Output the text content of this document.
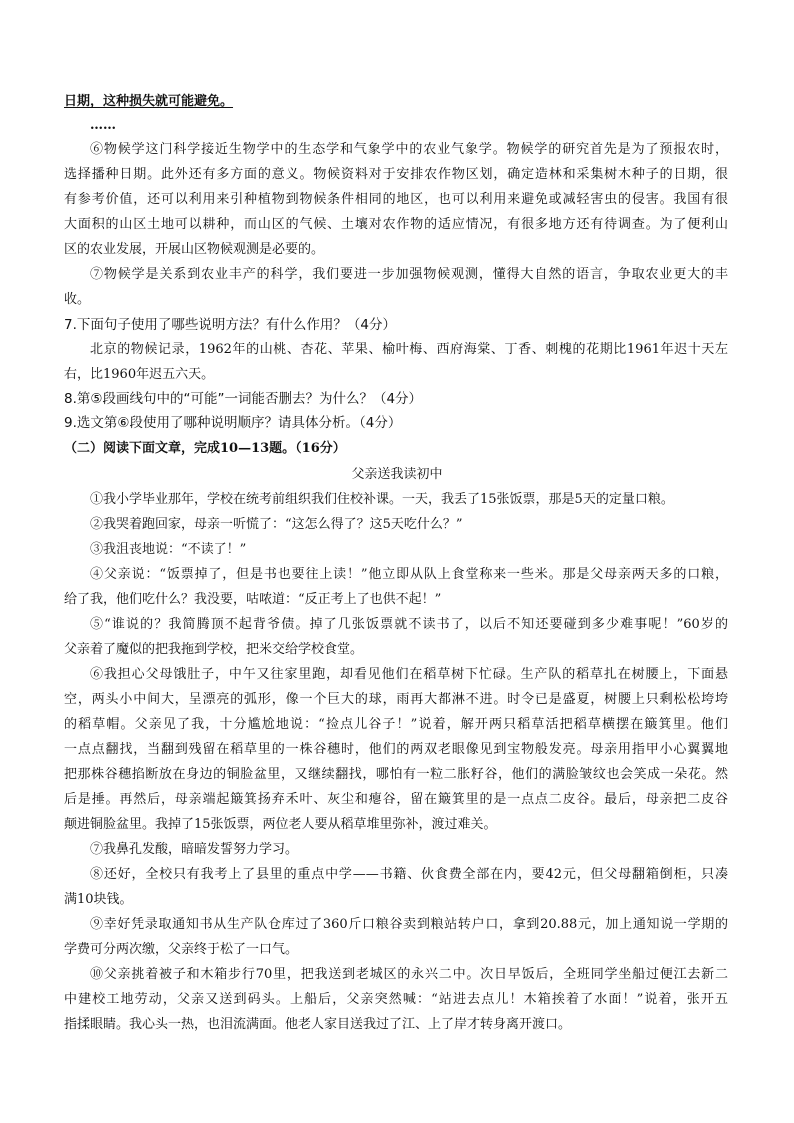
日期，这种损失就可能避免。
……
⑥物候学这门科学接近生物学中的生态学和气象学中的农业气象学。物候学的研究首先是为了预报农时，
选择播种日期。此外还有多方面的意义。物候资料对于安排农作物区划，确定造林和采集树木种子的日期，很
有参考价值，还可以利用来引种植物到物候条件相同的地区，也可以利用来避免或减轻害虫的侵害。我国有很
大面积的山区土地可以耕种，而山区的气候、土壤对农作物的适应情况，有很多地方还有待调查。为了便利山
区的农业发展，开展山区物候观测是必要的。
⑦物候学是关系到农业丰产的科学，我们要进一步加强物候观测，懂得大自然的语言，争取农业更大的丰
收。
7.下面句子使用了哪些说明方法？有什么作用？（4分）
北京的物候记录，1962年的山桃、杏花、苹果、榆叶梅、西府海棠、丁香、刺槐的花期比1961年迟十天左
右，比1960年迟五六天。
8.第⑤段画线句中的“可能”一词能否删去？为什么？（4分）
9.选文第⑥段使用了哪种说明顺序？请具体分析。（4分）
（二）阅读下面文章，完成10—13题。（16分）
父亲送我读初中
①我小学毕业那年，学校在统考前组织我们住校补课。一天，我丢了15张饭票，那是5天的定量口粮。
②我哭着跑回家，母亲一听慌了：“这怎么得了？这5天吃什么？”
③我沮丧地说：“不读了！”
④父亲说：“饭票掉了，但是书也要往上读！”他立即从队上食堂称来一些米。那是父母亲两天多的口粮，
给了我，他们吃什么？我没要，咕哝道：“反正考上了也供不起！”
⑤“谁说的？我简腾顶不起背爷债。掉了几张饭票就不读书了，以后不知还要碰到多少难事呢！”60岁的
父亲着了魔似的把我拖到学校，把米交给学校食堂。
⑥我担心父母饿肚子，中午又往家里跑，却看见他们在稻草树下忙碌。生产队的稻草扎在树腰上，下面悬
空，两头小中间大，呈漂亮的弧形，像一个巨大的球，雨再大都淋不进。时令已是盛夏，树腰上只剩松松垮垮
的稻草帽。父亲见了我，十分尴尬地说：“捡点儿谷子！”说着，解开两只稻草活把稻草横摆在簸箕里。他们
一点点翻找，当翻到残留在稻草里的一株谷穗时，他们的两双老眼像见到宝物般发亮。母亲用指甲小心翼翼地
把那株谷穗掐断放在身边的铜脸盆里，又继续翻找，哪怕有一粒二胀籽谷，他们的满脸皱纹也会笑成一朵花。然
后是捶。再然后，母亲端起簸箕扬弃禾叶、灰尘和瘪谷，留在簸箕里的是一点点二皮谷。最后，母亲把二皮谷
颠进铜脸盆里。我掉了15张饭票，两位老人要从稻草堆里弥补，渡过难关。
⑦我鼻孔发酸，暗暗发誓努力学习。
⑧还好，全校只有我考上了县里的重点中学——书籍、伙食费全部在内，要42元，但父母翻箱倒柜，只凑
满10块钱。
⑨幸好凭录取通知书从生产队仓库过了360斤口粮谷卖到粮站转户口，拿到20.88元，加上通知说一学期的
学费可分两次缴，父亲终于松了一口气。
⑩父亲挑着被子和木箱步行70里，把我送到老城区的永兴二中。次日早饭后，全班同学坐船过便江去新二
中建校工地劳动，父亲又送到码头。上船后，父亲突然喊：“站进去点儿！木箱挨着了水面！”说着，张开五
指揉眼睛。我心头一热，也泪流满面。他老人家目送我过了江、上了岸才转身离开渡口。
